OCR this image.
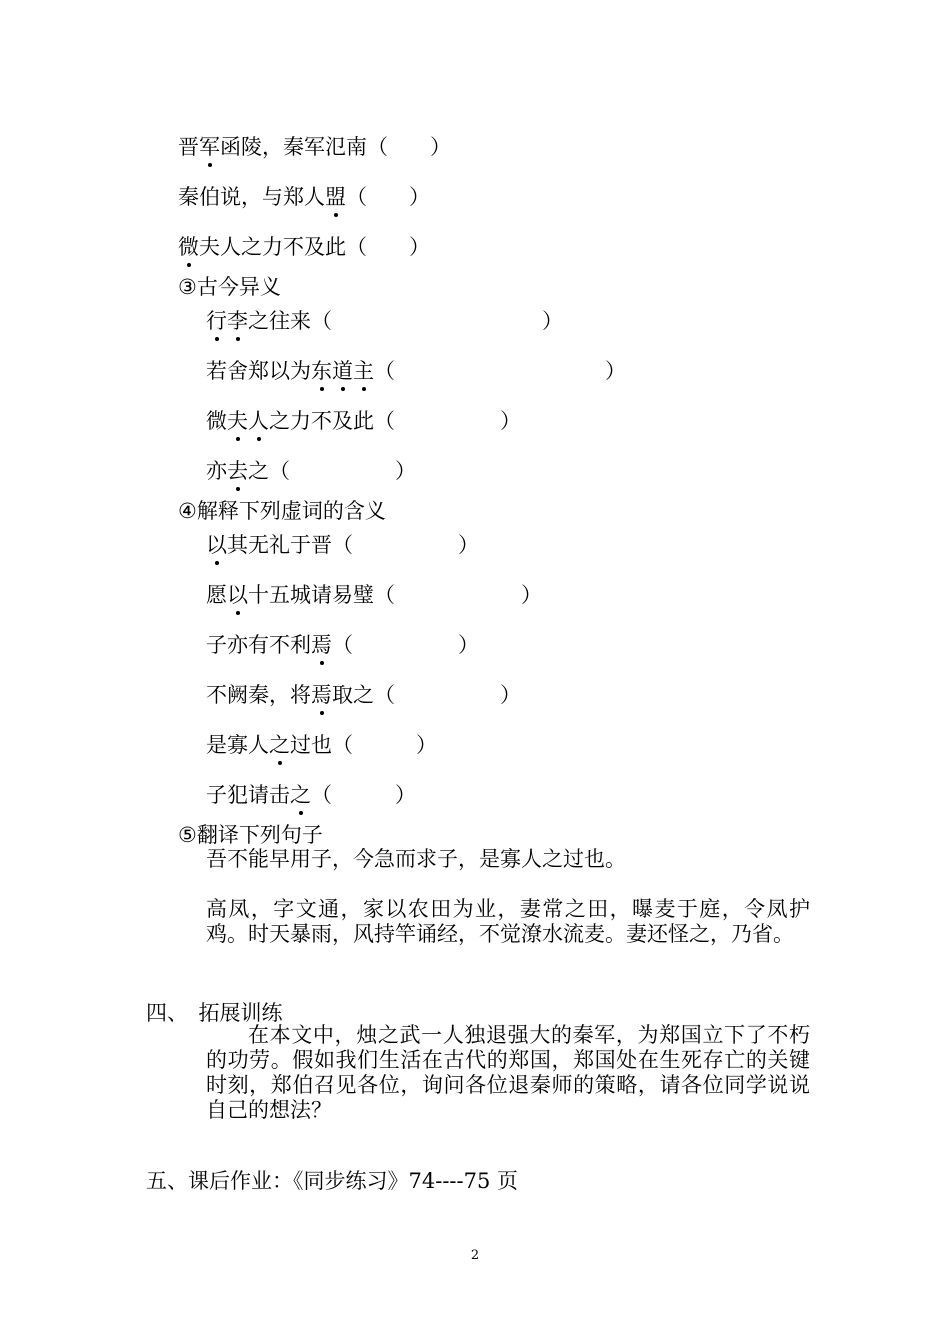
晋军函陵，秦军氾南（　　）
秦伯说，与郑人盟（　　）
微夫人之力不及此（　　）
③古今异义
行李之往来（　　　　　　　　　　）
若舍郑以为东道主（　　　　　　　　　　）
微夫人之力不及此（　　　　　）
亦去之（　　　　　）
④解释下列虚词的含义
以其无礼于晋（　　　　　）
愿以十五城请易璧（　　　　　　）
子亦有不利焉（　　　　　）
不阙秦，将焉取之（　　　　　）
是寡人之过也（　　　）
子犯请击之（　　　）
⑤翻译下列句子
吾不能早用子，今急而求子，是寡人之过也。
高凤，字文通，家以农田为业，妻常之田，曝麦于庭，令凤护鸡。时天暴雨，风持竿诵经，不觉潦水流麦。妻还怪之，乃省。
四、　拓展训练
在本文中，烛之武一人独退强大的秦军，为郑国立下了不朽的功劳。假如我们生活在古代的郑国，郑国处在生死存亡的关键时刻，郑伯召见各位，询问各位退秦师的策略，请各位同学说说自己的想法？
五、课后作业：《同步练习》74----75 页
2
